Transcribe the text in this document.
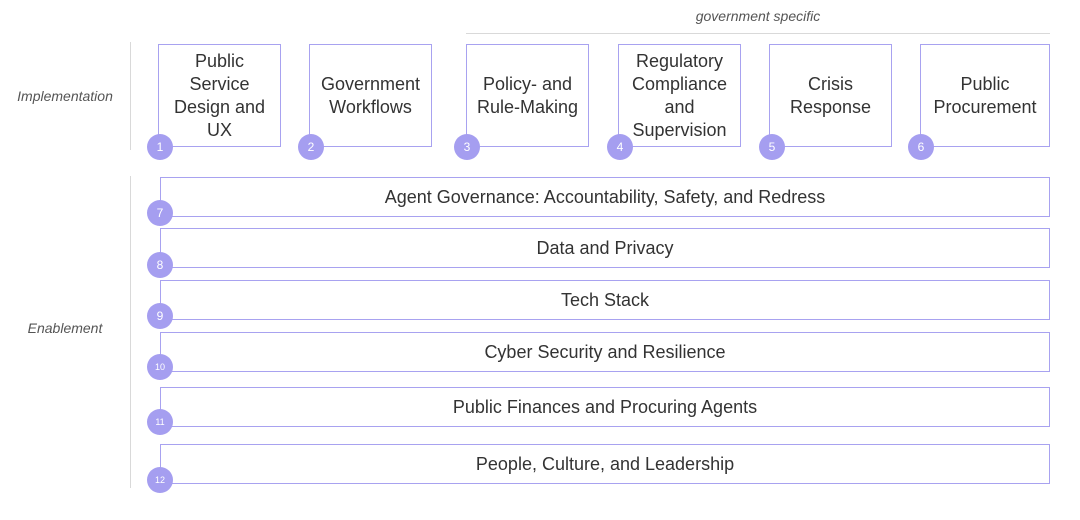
government specific
Implementation
Enablement
Public Service Design and UX
1
Government Workflows
2
Policy- and Rule-Making
3
Regulatory Compliance and Supervision
4
Crisis Response
5
Public Procurement
6
Agent Governance: Accountability, Safety, and Redress
7
Data and Privacy
8
Tech Stack
9
Cyber Security and Resilience
10
Public Finances and Procuring Agents
11
People, Culture, and Leadership
12
